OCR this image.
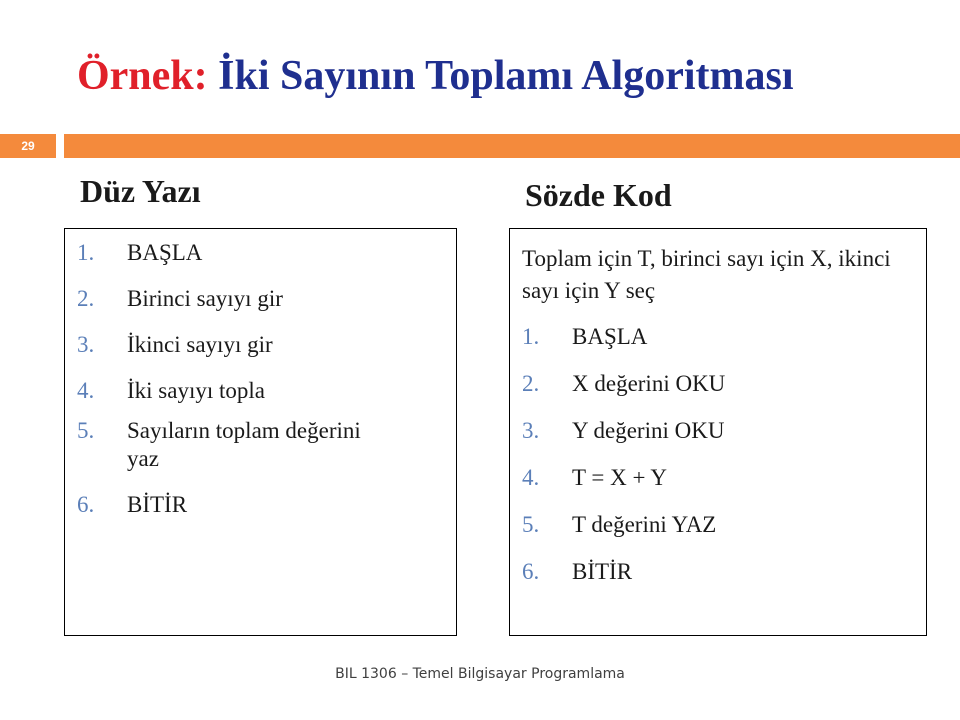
Örnek: İki Sayının Toplamı Algoritması
29
Düz Yazı	Sözde Kod
1. BAŞLA
2. Birinci sayıyı gir
3. İkinci sayıyı gir
4. İki sayıyı topla
5. Sayıların toplam değerini yaz
6. BİTİR

Toplam için T, birinci sayı için X, ikinci sayı için Y seç

1. BAŞLA
2. X değerini OKU
3. Y değerini OKU
4. T = X + Y
5. T değerini YAZ
6. BİTİR
BIL 1306 – Temel Bilgisayar Programlama
